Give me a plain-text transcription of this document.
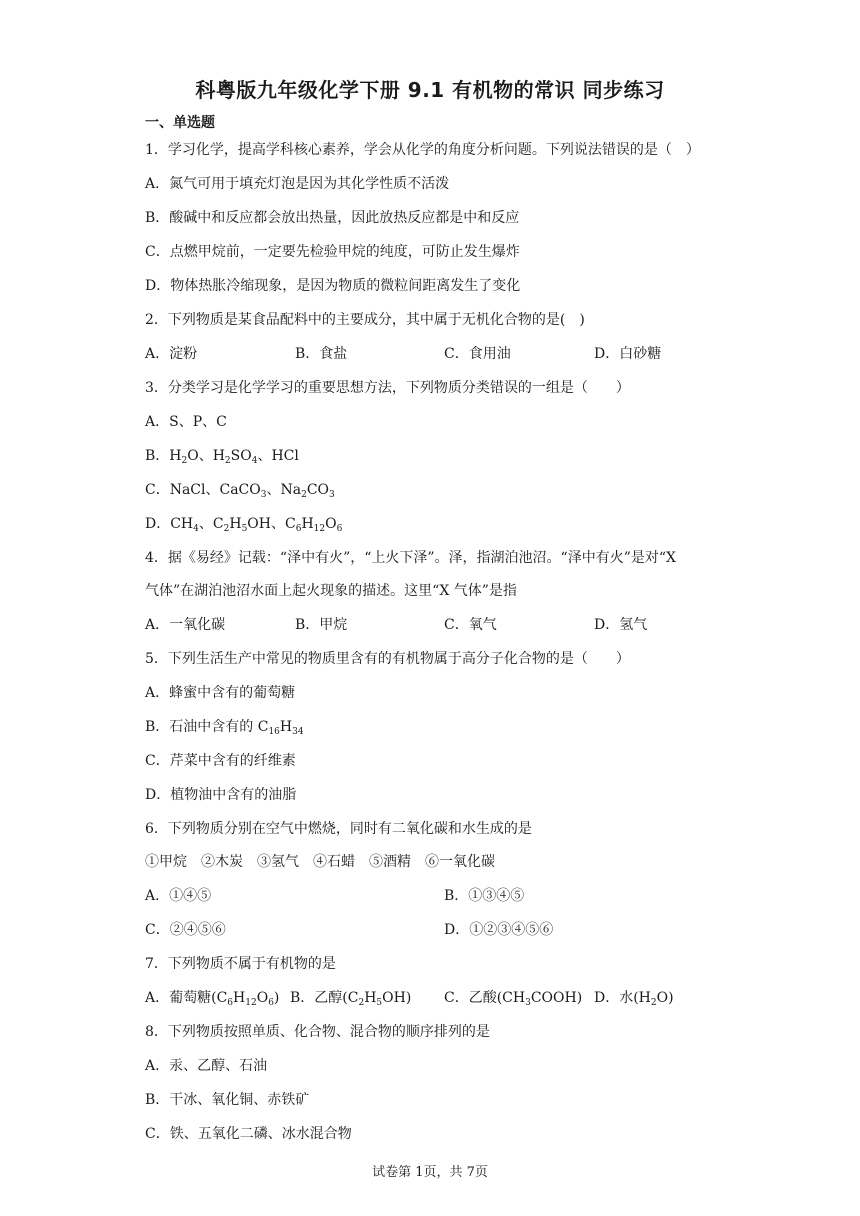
科粤版九年级化学下册 9.1 有机物的常识 同步练习
一、单选题
1．学习化学，提高学科核心素养，学会从化学的角度分析问题。下列说法错误的是（　）
A．氮气可用于填充灯泡是因为其化学性质不活泼
B．酸碱中和反应都会放出热量，因此放热反应都是中和反应
C．点燃甲烷前，一定要先检验甲烷的纯度，可防止发生爆炸
D．物体热胀冷缩现象，是因为物质的微粒间距离发生了变化
2．下列物质是某食品配料中的主要成分，其中属于无机化合物的是(　)
A．淀粉	B．食盐	C．食用油	D．白砂糖
3．分类学习是化学学习的重要思想方法，下列物质分类错误的一组是（　　）
A．S、P、C
B．$H_2O$、$H_2SO_4$、HCl
C．NaCl、CaCO$_3$、$Na_2CO_3$
D．$CH_4$、$C_2H_5OH$、$C_6H_{12}O_6$
4．据《易经》记载：“泽中有火”，“上火下泽”。泽，指湖泊池沼。“泽中有火”是对“X
气体”在湖泊池沼水面上起火现象的描述。这里“X 气体”是指
A．一氧化碳	B．甲烷	C．氧气	D．氢气
5．下列生活生产中常见的物质里含有的有机物属于高分子化合物的是（　　）
A．蜂蜜中含有的葡萄糖
B．石油中含有的 $C_{16}H_{34}$
C．芹菜中含有的纤维素
D．植物油中含有的油脂
6．下列物质分别在空气中燃烧，同时有二氧化碳和水生成的是
①甲烷　②木炭　③氢气　④石蜡　⑤酒精　⑥一氧化碳
A．①④⑤	B．①③④⑤
C．②④⑤⑥	D．①②③④⑤⑥
7．下列物质不属于有机物的是
A．葡萄糖$(C_6H_{12}O_6)$ B．乙醇$(C_2H_5OH)$ C．乙酸$(CH_3COOH)$ D．水$(H_2O)$
8．下列物质按照单质、化合物、混合物的顺序排列的是
A．汞、乙醇、石油
B．干冰、氧化铜、赤铁矿
C．铁、五氧化二磷、冰水混合物
试卷第 1页，共 7页
